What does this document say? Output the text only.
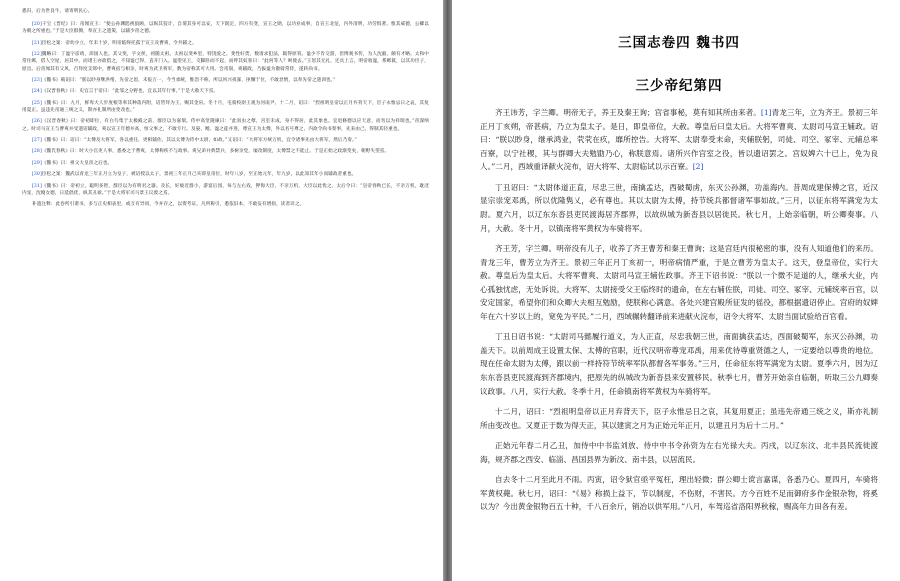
悉归，后为世良牛，请寄明民心。

[20]干宝《晋纪》曰：帝闻宣王：“使公孙渊鸱视狼顾，以纵其狡计，自谓其身可以安。天下既定，四方有变，宣王之勋，以功业成事，自宣王北征，内外清明，功劳俱著。惟其威德，公卿以为朝之所重也。”于是大臣群僚，奉宣王之遗策，以辅少帝之德。

[21]臣松之案：帝幼少立，年未十岁，明帝临终托孤于宣王及曹爽，令共辅之。

[22]魏略曰：丁谧字彦靖，沛国人也。其父斐，字文侯，初随太祖。太祖以斐乡里，特饶爱之。斐性好货，数请求犯法，辄得原宥。谧少不肯交游，但博观书传，为人沈毅，颇有才略。太和中常住邺，借人空屋，居其中。而诸王亦欲借之，不知谧已得，直开门入。谧望见王，交脚卧而不起，而呼其奴客曰：“此何等人？呵使去。”王怒其无礼，还具上言。明帝收谧，系邺狱，以其功臣子，原出。后帝闻其有父风，召拜度支郎中。曹爽宿与相亲，时爽为武卫将军，数为帝称其可大用。会帝崩，爽辅政，乃拔谧为散骑常侍，遂转尚书。

[23]《魏书》载诏曰：“朕以眇身继洪绪，先帝之恩，未报万一，今当承统，惟恐不称，所以夙兴夜寐，匪懈于位，不敢怠惰，以奉先帝之遗训也。”

[24]《汉晋春秋》曰：史官言于帝曰：“此邹之分野也，宜以其年行事。”于是大赦天下焉。

[25]《魏书》曰：九月，鲜卑大人步度根等率其种落内附，诏皆拜为王，赐其金帛。冬十月，屯骑校尉王观为河南尹。十二月，诏曰：“烈祖明皇帝以正月弃背天下，臣子永惟忌日之哀，其复用夏正。虽违先帝通三统之义，斯亦礼制所由变改也。”

[26]《汉晋春秋》曰：帝初即位，有白鸟集于太极殿之前，群臣以为嘉瑞。侍中高堂隆谏曰：“此羽虫之孽，宫室未成，身不得居，此其象也。宜退修德以应天意，而勿以为祥瑞也。”帝深纳之。时司马宣王与曹爽并受遗诏辅政，爽以宣王年德并高，恒父事之，不敢专行。及晏、飏、谧之徒并进，尊宣王为太傅，外以名号尊之，内欲令尚书奏事，先来由己，得制其轻重也。

[27]《魏书》曰：诏曰：“太傅及大将军，各以重任，更相辅佐，其以太傅为侍中太尉，如故。”又诏曰：“大将军方统万机，宜令诸事先由大将军，然后乃奏。”

[28]《魏氏春秋》曰：时大小官吏人事，悉委之于曹爽，太傅称疾不与政事。爽兄弟并典禁兵，多树亲党，屡改制度，太傅禁之不能止。于是正始之政渐变矣，朝野失望焉。

[29]《魏书》曰：祖父大皇帝之后也。

[30]臣松之案：魏武以青龙三年正月立为皇子，被诏授以太子，景初三年正月己亥即皇帝位，时年八岁，至正始元年，年九岁，以此知其年小而辅政者重也。

[31]《魏书》曰：帝初立，聪明多智，群臣以为有明君之器。及长，好亵近群小，游宴后园，每与左右戏，狎侮大臣，不亲万机，大臣以此忧之。太后令曰：“皇帝春秋已长，不亲万机，耽淫内宠，沈嫚女德，日延倡优，纵其丑谑。”于是大将军司马景王议废之焉。

补遗注释：此卷所引诸书，多与正史相表里，或互有异同，今并存之，以资考证。凡所称引，悉依旧本，不敢妄有增损，读者详之。

三国志卷四 魏书四
三少帝纪第四

齐王讳芳，字兰卿。明帝无子，养王及秦王询；宫省事秘，莫有知其所由来者。[1]青龙三年，立为齐王。景初三年正月丁亥朔，帝甚病，乃立为皇太子。是日，即皇帝位，大赦。尊皇后曰皇太后。大将军曹爽、太尉司马宣王辅政。诏曰：“朕以眇身，继承鸿业，茕茕在疚，靡所控告。大将军、太尉奉受末命，夹辅朕躬，司徒、司空、冢宰、元辅总率百寮，以宁社稷，其与群卿大夫勉勖乃心，称朕意焉。诸所兴作宫室之役，皆以遗诏罢之。宫奴婢六十已上，免为良人。”二月，西域重译献火浣布，诏大将军、太尉临试以示百寮。[2]

丁丑诏曰：“太尉体道正直，尽忠三世，南擒孟达，西破蜀虏，东灭公孙渊，功盖海内。昔周成建保傅之官，近汉显宗崇宠邓禹，所以优隆隽乂，必有尊也。其以太尉为太傅，持节统兵都督诸军事如故。”三月，以征东将军满宠为太尉。夏六月，以辽东东沓县吏民渡海居齐郡界，以故纵城为新沓县以居徙民。秋七月，上始亲临朝，听公卿奏事。八月，大赦。冬十月，以镇南将军黄权为车骑将军。

齐王芳，字兰卿。明帝没有儿子，收养了齐王曹芳和秦王曹询；这是宫廷内很秘密的事，没有人知道他们的来历。青龙三年，曹芳立为齐王。景初三年正月丁亥初一，明帝病情严重，于是立曹芳为皇太子。这天，登皇帝位，实行大赦。尊皇后为皇太后。大将军曹爽、太尉司马宣王辅佐政事。齐王下诏书说：“朕以一个微不足道的人，继承大业，内心孤独忧虑，无处诉说。大将军、太尉接受父王临终时的遗命，在左右辅佐朕，司徒、司空、冢宰、元辅统率百官，以安定国家，希望你们和众卿大夫相互勉励，使朕称心满意。各处兴建宫殿所征发的徭役，都根据遗诏停止。宫府的奴婢年在六十岁以上的，宽免为平民。”二月，西域辗转翻译前来进献火浣布，诏令大将军、太尉当面试验给百官看。

丁丑日诏书说：“太尉司马懿履行道义，为人正直，尽忠我朝三世，南面擒获孟达，西面破蜀军，东灭公孙渊，功盖天下。以前周成王设置太保、太傅的官职，近代汉明帝尊宠邓禹，用来优待尊重贤德之人，一定要给以尊贵的地位。现在任命太尉为太傅，跟以前一样持符节统率军队都督各军事务。”三月，任命征东将军满宠为太尉。夏季六月，因为辽东东沓县吏民渡海到齐郡境内，把原先的纵城改为新沓县来安置移民。秋季七月，曹芳开始亲自临朝，听取三公九卿奏议政事。八月，实行大赦。冬季十月，任命镇南将军黄权为车骑将军。

十二月，诏曰：“烈祖明皇帝以正月弃背天下，臣子永惟忌日之哀，其复用夏正；虽违先帝通三统之义，斯亦礼制所由变改也。又夏正于数为得天正，其以建寅之月为正始元年正月，以建丑月为后十二月。”

正始元年春二月乙丑，加侍中中书监刘放、侍中中书令孙资为左右光禄大夫。丙戌，以辽东汶、北丰县民流徙渡海，规齐郡之西安、临淄、昌国县界为新汶、南丰县，以居流民。

自去冬十二月至此月不雨。丙寅，诏令狱官亟平冤枉，理出轻微；群公卿士谠言嘉谋，各悉乃心。夏四月，车骑将军黄权薨。秋七月，诏曰：“《易》称损上益下，节以制度，不伤财，不害民。方今百姓不足而御府多作金银杂物，将奚以为？今出黄金银物百五十种，千八百余斤，销冶以供军用。”八月，车驾巡省洛阳界秋稼，赐高年力田各有差。
